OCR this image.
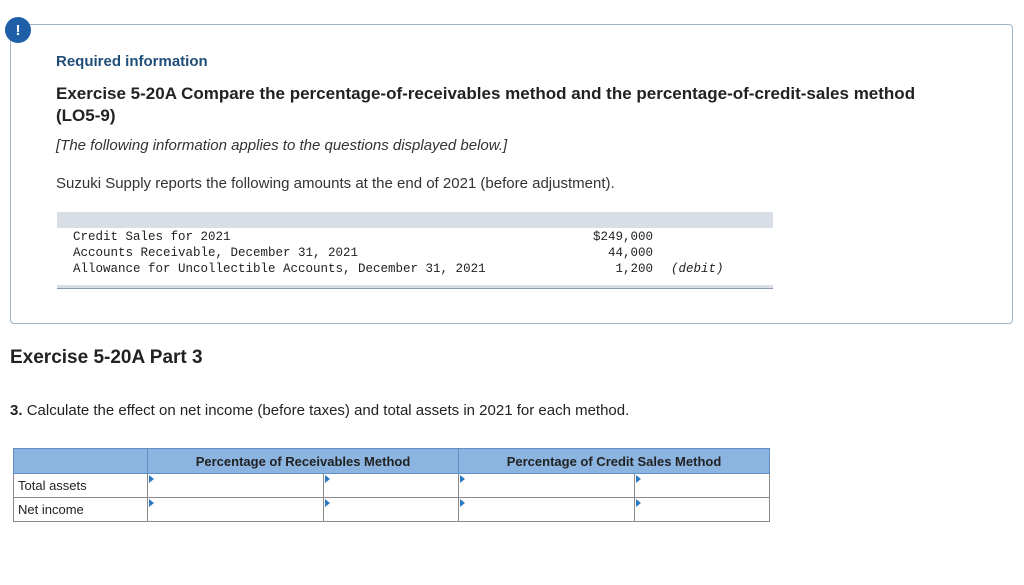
!
Required information
Exercise 5-20A Compare the percentage-of-receivables method and the percentage-of-credit-sales method (LO5-9)
[The following information applies to the questions displayed below.]
Suzuki Supply reports the following amounts at the end of 2021 (before adjustment).
Credit Sales for 2021	$249,000
Accounts Receivable, December 31, 2021	44,000
Allowance for Uncollectible Accounts, December 31, 2021	1,200 (debit)
Exercise 5-20A Part 3
3. Calculate the effect on net income (before taxes) and total assets in 2021 for each method.
	Percentage of Receivables Method		Percentage of Credit Sales Method	
Total assets	

Net income	
